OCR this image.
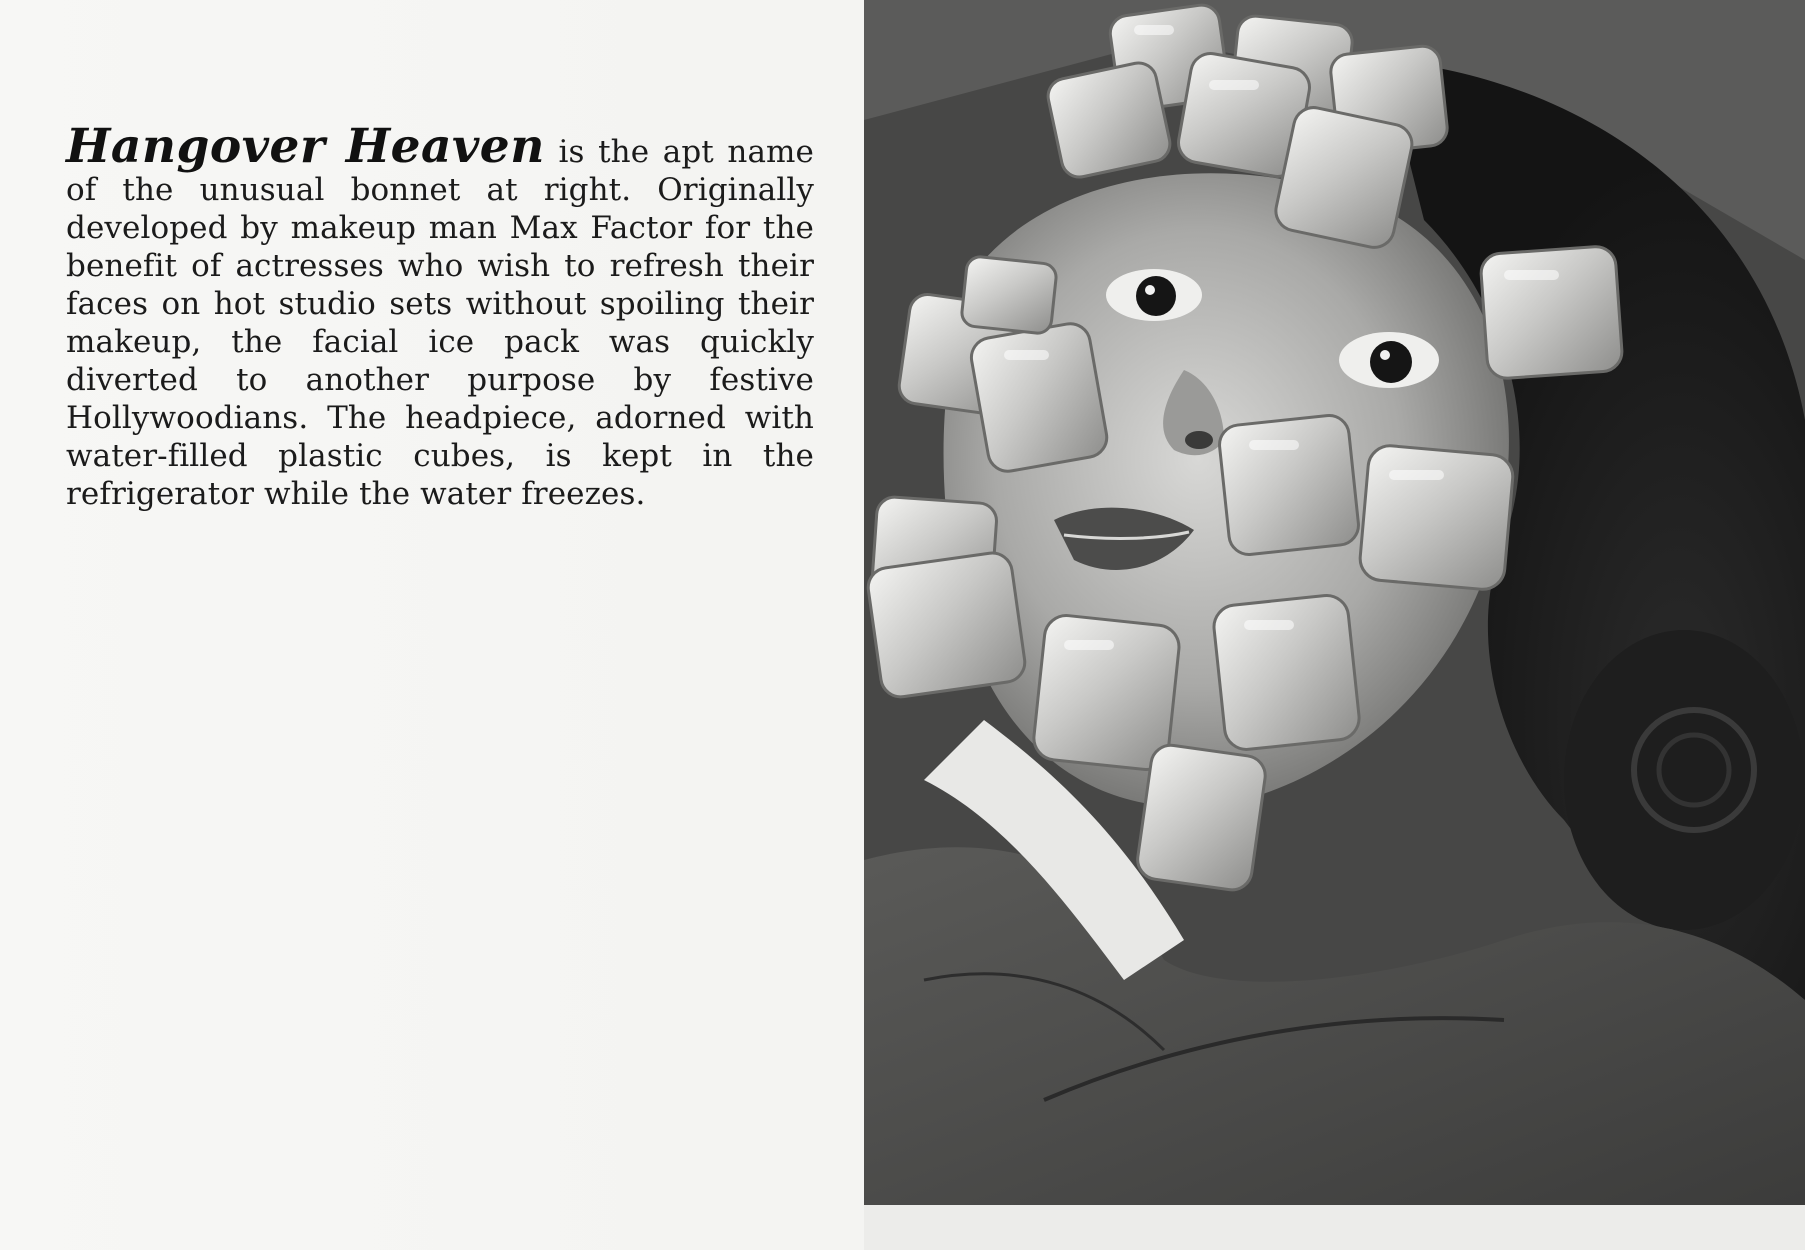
Hangover Heaven is the apt name of the unusual bonnet at right. Originally developed by makeup man Max Factor for the benefit of actresses who wish to refresh their faces on hot studio sets without spoiling their makeup, the facial ice pack was quickly diverted to another purpose by festive Hollywoodians. The headpiece, adorned with water-filled plastic cubes, is kept in the refrigerator while the water freezes.
